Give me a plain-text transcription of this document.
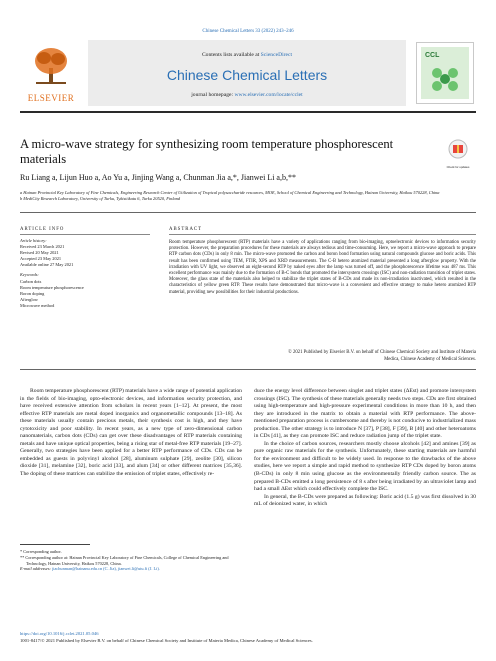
Chinese Chemical Letters 33 (2022) 243–246
ELSEVIER
Contents lists available at ScienceDirect
Chinese Chemical Letters
journal homepage: www.elsevier.com/locate/cclet
CCL
A micro-wave strategy for synthesizing room temperature phosphorescent materials
Check for updates
Ru Liang a, Lijun Huo a, Ao Yu a, Jinjing Wang a, Chunman Jia a,*, Jianwei Li a,b,**
a Hainan Provincial Key Laboratory of Fine Chemicals, Engineering Research Center of Utilization of Tropical polysaccharide resources, MOE, School of Chemical Engineering and Technology, Hainan University, Haikou 570228, China
b MediCity Research Laboratory, University of Turku, Tykistökatu 6, Turku 20520, Finland
ARTICLE INFO	ABSTRACT
Article history:
Received 23 March 2021
Revised 20 May 2021
Accepted 23 May 2021
Available online 27 May 2021
Keywords:
Carbon dots
Room temperature phosphorescence
Boron doping
Afterglow
Microwave method
Room temperature phosphorescent (RTP) materials have a variety of applications ranging from bio-imaging, optoelectronic devices to information security protection. However, the preparation procedures for these materials are always tedious and time-consuming. Here, we report a micro-wave approach to prepare RTP carbon dots (CDs) in only 8 min. The micro-wave promoted the carbon and boron bond formation using natural compounds glucose and boric acids. This result has been confirmed using TEM, FTIR, XPS and XRD measurements. The C-B hetero atomized material presented a long afterglow property. With the irradiation with UV light, we observed an eight-second RTP by naked eyes after the lamp was turned off, and the phosphorescence lifetime was 487 ms. This excellent performance was mainly due to the formation of B-C bonds that promoted the intersystem crossings (ISC) and non-radiation transition of triplet states. Moreover, the glass state of the materials also helped to stabilize the triplet states of B-CDs and made its non-irradiation inactivated, which resulted in the characteristics of yellow green RTP. These results have demonstrated that micro-wave is a convenient and effective strategy to make hetero atomized RTP material, providing new possibilities for their industrial productions.
© 2021 Published by Elsevier B.V. on behalf of Chinese Chemical Society and Institute of Materia
Medica, Chinese Academy of Medical Sciences.

Room temperature phosphorescent (RTP) materials have a wide range of potential application in the fields of bio-imaging, opto-electronic devices, and information security protection, and have received extensive attention from scholars in recent years [1–12]. At present, the most effective RTP materials are metal doped inorganics and organometallic compounds [13–18]. As these materials usually contain precious metals, their synthesis cost is high, and they have cytotoxicity and poor stability. In recent years, as a new type of zero-dimensional carbon nanomaterials, carbon dots (CDs) can get over these disadvantages of RTP materials containing metals and have unique optical properties, being a rising star of metal-free RTP materials [19–27]. Generally, two strategies have been applied for a better RTP performance of CDs. CDs can be embedded as guests in polyvinyl alcohol [28], aluminum sulphate [29], zeolite [30], silicon dioxide [31], melamine [32], boric acid [33], and alum [34] or other different matrices [35,36]. The doping of these matrices can stabilize the emission of triplet states, effectively re-

duce the energy level difference between singlet and triplet states (ΔEst) and promote intersystem crossings (ISC). The synthesis of these materials generally needs two steps. CDs are first obtained using high-temperature and high-pressure experimental conditions in more than 10 h, and then they are introduced in the matrix to obtain a material with RTP performance. The above-mentioned preparation process is cumbersome and thereby is not conducive to industrialized mass production. The other strategy is to introduce N [37], P [38], F [39], B [40] and other heteroatoms in CDs [41], as they can promote ISC and reduce radiation jump of the triplet state.

In the choice of carbon sources, researchers mostly choose alcohols [42] and amines [39] as pure organic raw materials for the synthesis. Unfortunately, these starting materials are harmful for the environment and difficult to be widely used. In response to the drawbacks of the above studies, here we report a simple and rapid method to synthesize RTP CDs doped by boron atoms (B-CDs) in only 8 min using glucose as the environmentally friendly carbon source. The as prepared B-CDs emitted a long persistence of 8 s after being irradiated by an ultraviolet lamp and had a small ΔEst which could effectively complete the ISC.

In general, the B-CDs were prepared as following: Boric acid (1.5 g) was first dissolved in 30 mL of deionized water, in which

* Corresponding author.
** Corresponding author at: Hainan Provincial Key Laboratory of Fine Chemicals, College of Chemical Engineering and Technology, Hainan University, Haikou 570228, China.
E-mail addresses: jiachunman@hainanu.edu.cn (C. Jia), jianwei.li@utu.fi (J. Li).
https://doi.org/10.1016/j.cclet.2021.05.046
1001-8417/© 2021 Published by Elsevier B.V. on behalf of Chinese Chemical Society and Institute of Materia Medica, Chinese Academy of Medical Sciences.
